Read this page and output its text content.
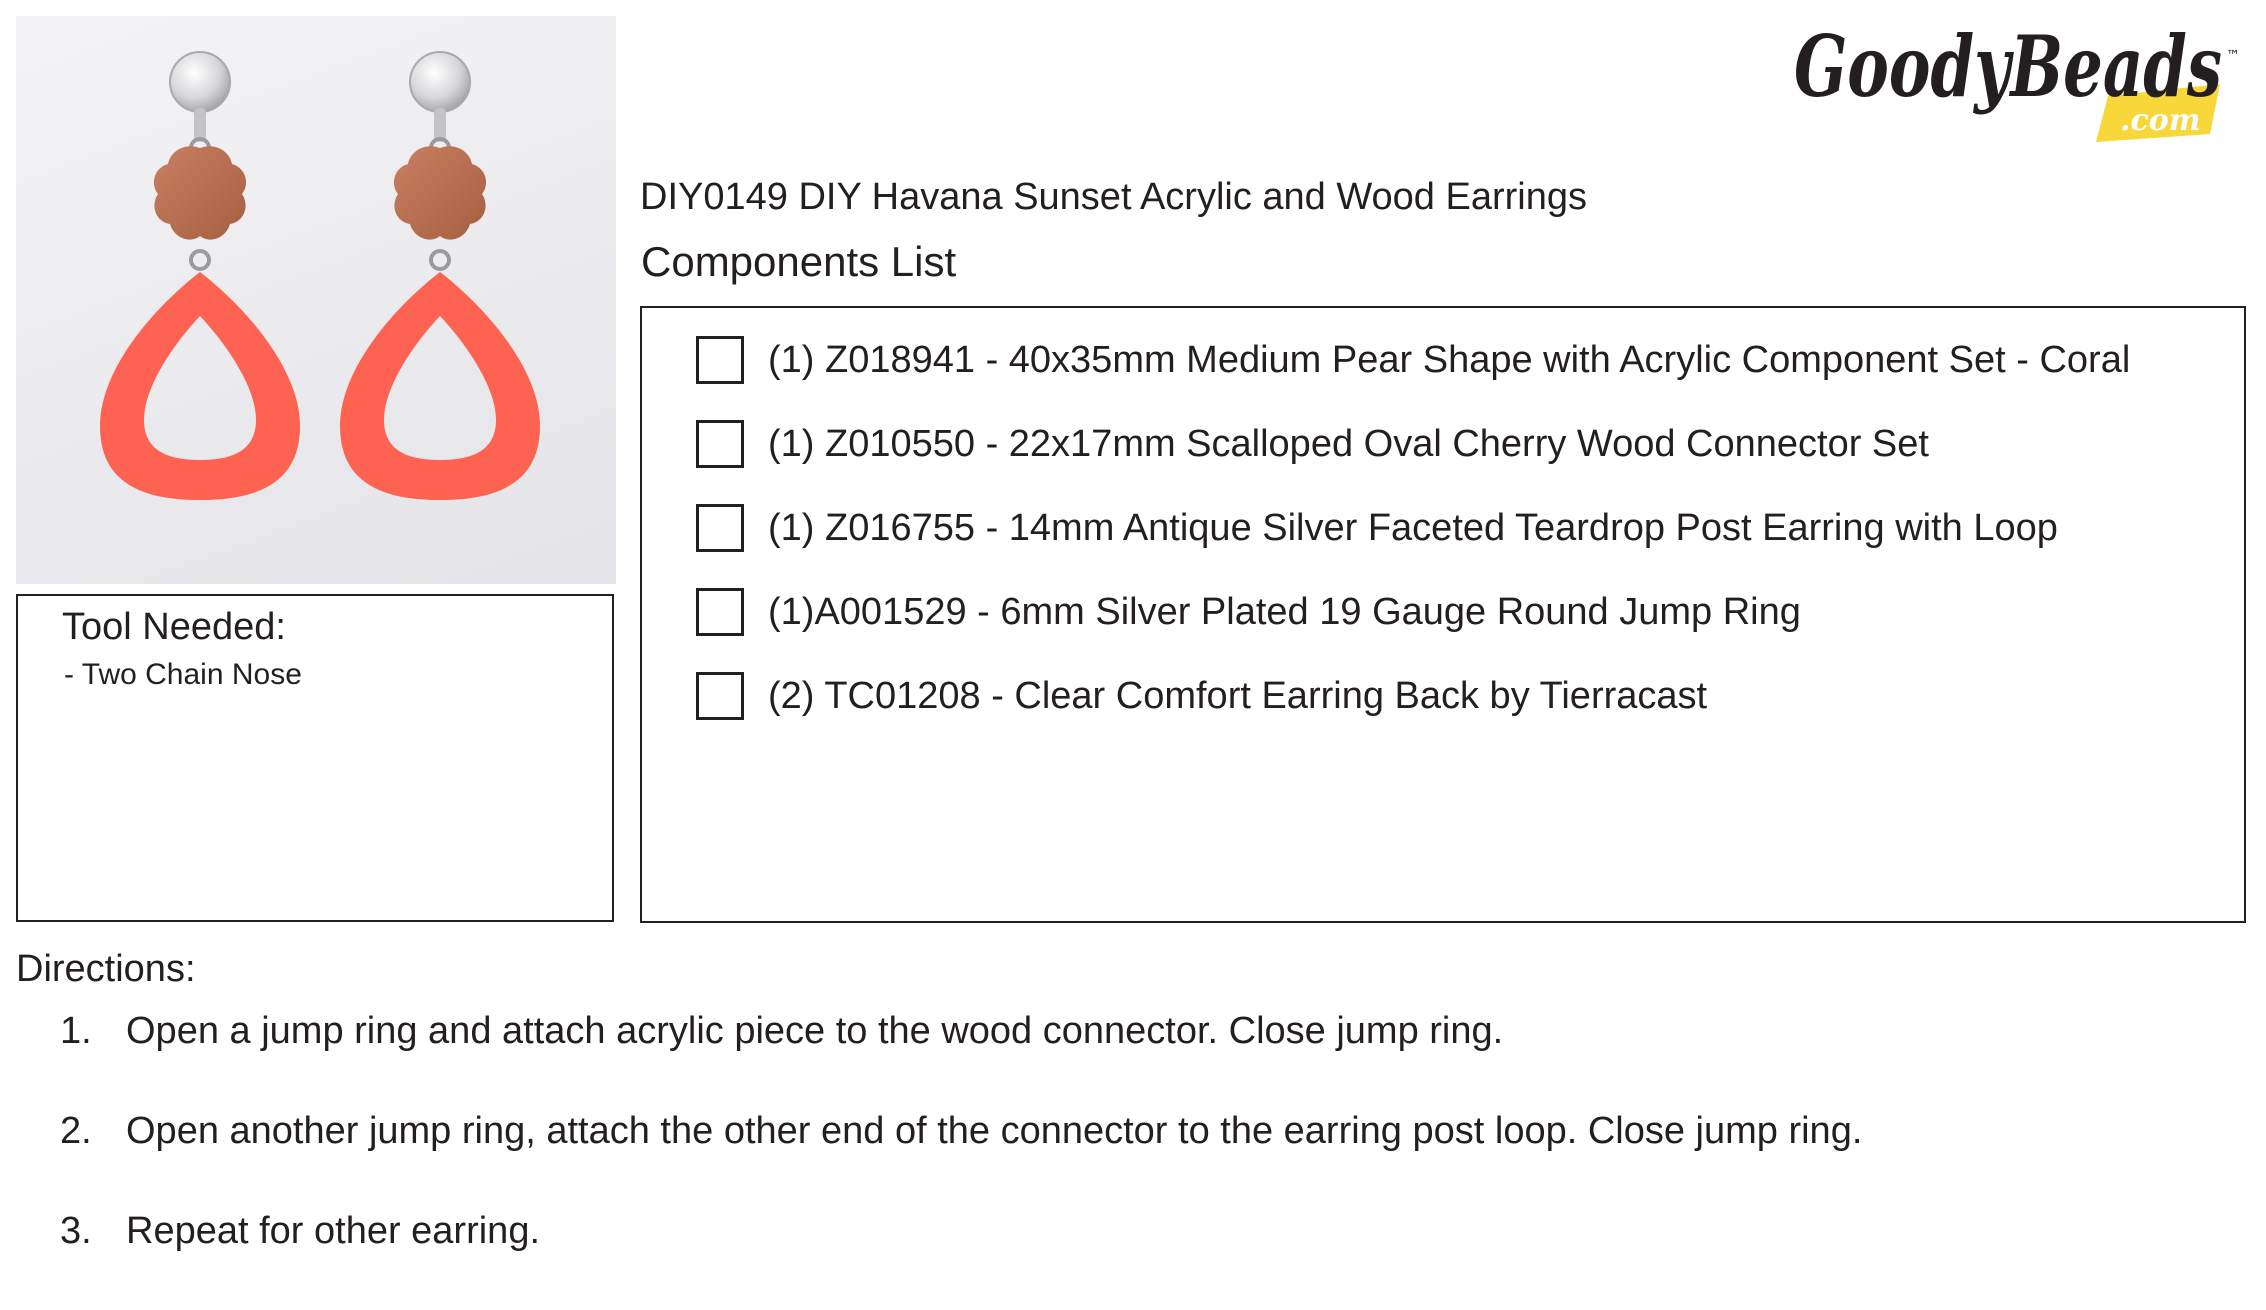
GoodyBeads
.com
™
DIY0149 DIY Havana Sunset Acrylic and Wood Earrings
Components List
Tool Needed:
- Two Chain Nose
(1) Z018941 - 40x35mm Medium Pear Shape with Acrylic Component Set - Coral
(1) Z010550 - 22x17mm Scalloped Oval Cherry Wood Connector Set
(1) Z016755 - 14mm Antique Silver Faceted Teardrop Post Earring with Loop
(1)A001529 - 6mm Silver Plated 19 Gauge Round Jump Ring
(2) TC01208 - Clear Comfort Earring Back by Tierracast
Directions:
1. Open a jump ring and attach acrylic piece to the wood connector. Close jump ring.
2. Open another jump ring, attach the other end of the connector to the earring post loop. Close jump ring.
3. Repeat for other earring.
